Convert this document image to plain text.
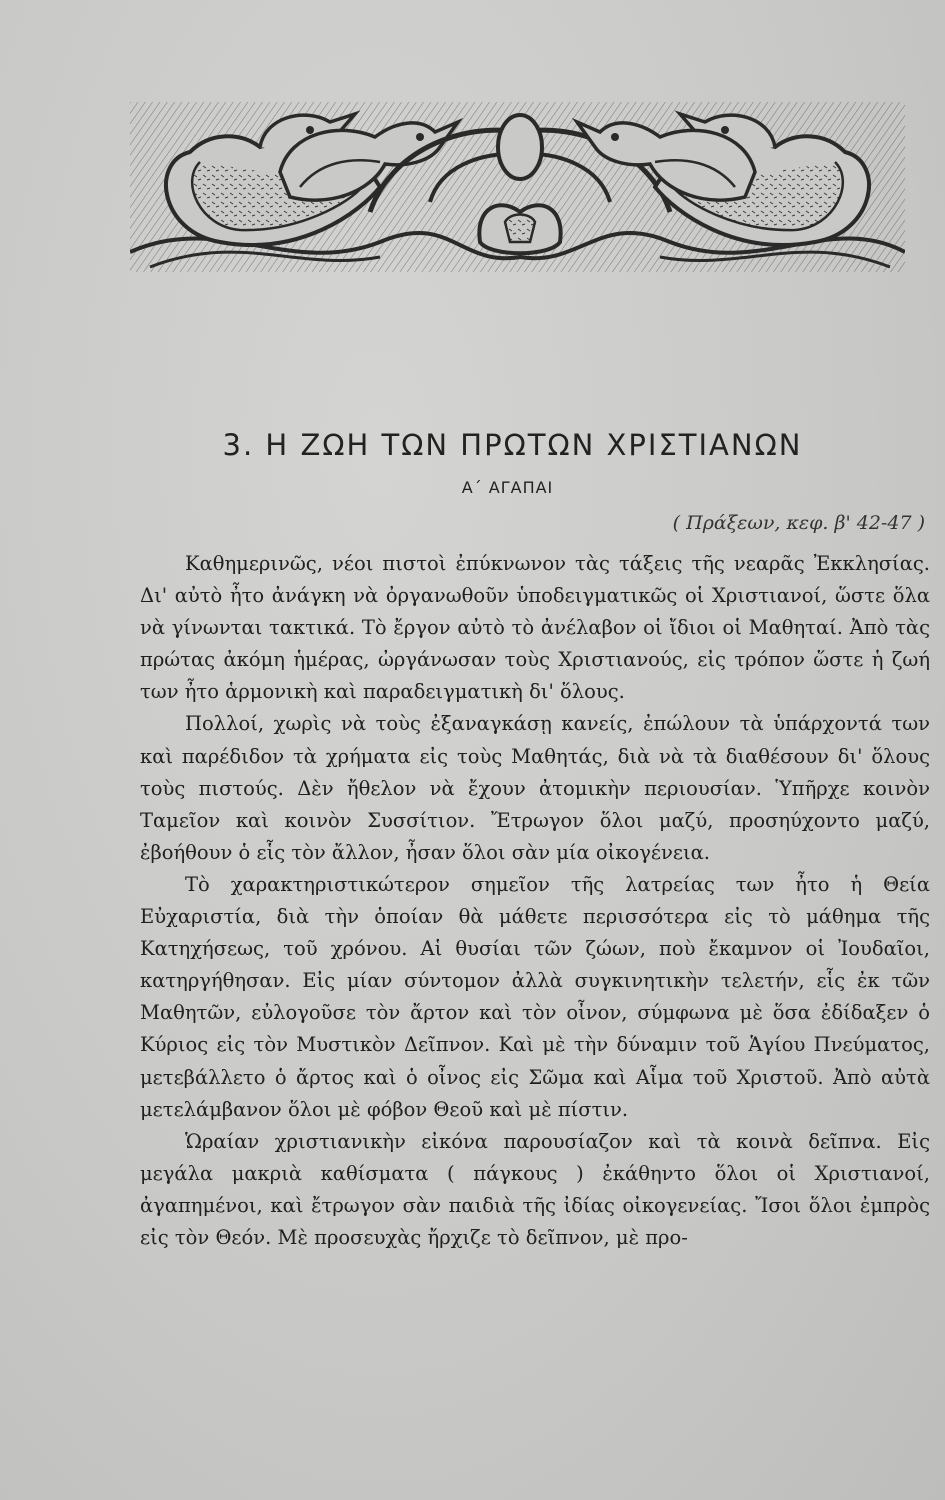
3. Η ΖΩΗ ΤΩΝ ΠΡΩΤΩΝ ΧΡΙΣΤΙΑΝΩΝ
Α΄ ΑΓΑΠΑΙ
( Πράξεων, κεφ. β' 42-47 )

Καθημερινῶς, νέοι πιστοὶ ἐπύκνωνον τὰς τάξεις τῆς νεαρᾶς Ἐκκλησίας. Δι' αὐτὸ ἦτο ἀνάγκη νὰ ὀργανωθοῦν ὑποδειγματικῶς οἱ Χριστιανοί, ὥστε ὅλα νὰ γίνωνται τακτικά. Τὸ ἔργον αὐτὸ τὸ ἀνέλαβον οἱ ἴδιοι οἱ Μαθηταί. Ἀπὸ τὰς πρώτας ἀκόμη ἡμέρας, ὠργάνωσαν τοὺς Χριστιανούς, εἰς τρόπον ὥστε ἡ ζωή των ἦτο ἁρμονικὴ καὶ παραδειγματικὴ δι' ὅλους.

Πολλοί, χωρὶς νὰ τοὺς ἐξαναγκάσῃ κανείς, ἐπώλουν τὰ ὑπάρχοντά των καὶ παρέδιδον τὰ χρήματα εἰς τοὺς Μαθητάς, διὰ νὰ τὰ διαθέσουν δι' ὅλους τοὺς πιστούς. Δὲν ἤθελον νὰ ἔχουν ἀτομικὴν περιουσίαν. Ὑπῆρχε κοινὸν Ταμεῖον καὶ κοινὸν Συσσίτιον. Ἔτρωγον ὅλοι μαζύ, προσηύχοντο μαζύ, ἐβοήθουν ὁ εἷς τὸν ἄλλον, ἦσαν ὅλοι σὰν μία οἰκογένεια.

Τὸ χαρακτηριστικώτερον σημεῖον τῆς λατρείας των ἦτο ἡ Θεία Εὐχαριστία, διὰ τὴν ὁποίαν θὰ μάθετε περισσότερα εἰς τὸ μάθημα τῆς Κατηχήσεως, τοῦ χρόνου. Αἱ θυσίαι τῶν ζώων, ποὺ ἔκαμνον οἱ Ἰουδαῖοι, κατηργήθησαν. Εἰς μίαν σύντομον ἀλλὰ συγκινητικὴν τελετήν, εἷς ἐκ τῶν Μαθητῶν, εὐλογοῦσε τὸν ἄρτον καὶ τὸν οἶνον, σύμφωνα μὲ ὅσα ἐδίδαξεν ὁ Κύριος εἰς τὸν Μυστικὸν Δεῖπνον. Καὶ μὲ τὴν δύναμιν τοῦ Ἁγίου Πνεύματος, μετεβάλλετο ὁ ἄρτος καὶ ὁ οἶνος εἰς Σῶμα καὶ Αἷμα τοῦ Χριστοῦ. Ἀπὸ αὐτὰ μετελάμβανον ὅλοι μὲ φόβον Θεοῦ καὶ μὲ πίστιν.

Ὡραίαν χριστιανικὴν εἰκόνα παρουσίαζον καὶ τὰ κοινὰ δεῖπνα. Εἰς μεγάλα μακριὰ καθίσματα ( πάγκους ) ἐκάθηντο ὅλοι οἱ Χριστιανοί, ἀγαπημένοι, καὶ ἔτρωγον σὰν παιδιὰ τῆς ἰδίας οἰκογενείας. Ἴσοι ὅλοι ἐμπρὸς εἰς τὸν Θεόν. Μὲ προσευχὰς ἤρχιζε τὸ δεῖπνον, μὲ προ-
